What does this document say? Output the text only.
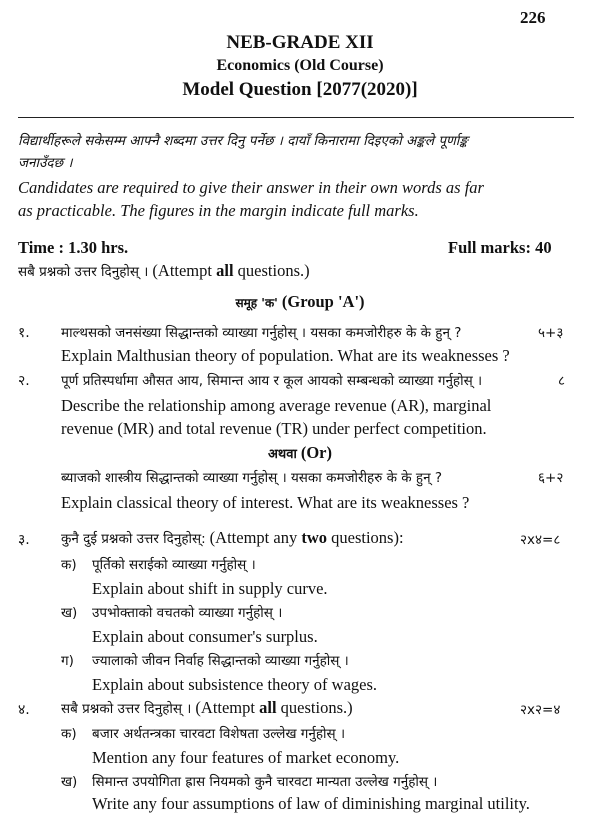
226
NEB-GRADE XII
Economics (Old Course)
Model Question [2077(2020)]
विद्यार्थीहरूले सकेसम्म आफ्नै शब्दमा उत्तर दिनु पर्नेछ । दायाँ किनारामा दिइएको अङ्कले पूर्णाङ्क
जनाउँदछ ।
Candidates are required to give their answer in their own words as far
as practicable. The figures in the margin indicate full marks.
Time : 1.30 hrs.	Full marks: 40
सबै प्रश्नको उत्तर दिनुहोस् । (Attempt all questions.)
समूह 'क' (Group 'A')
१. माल्थसको जनसंख्या सिद्धान्तको व्याख्या गर्नुहोस् । यसका कमजोरीहरु के के हुन् ?	५+३
Explain Malthusian theory of population. What are its weaknesses ?
२. पूर्ण प्रतिस्पर्धामा औसत आय, सिमान्त आय र कूल आयको सम्बन्धको व्याख्या गर्नुहोस् ।	८
Describe the relationship among average revenue (AR), marginal
revenue (MR) and total revenue (TR) under perfect competition.
अथवा (Or)
ब्याजको शास्त्रीय सिद्धान्तको व्याख्या गर्नुहोस् । यसका कमजोरीहरु के के हुन् ?	६+२
Explain classical theory of interest. What are its weaknesses ?
३. कुनै दुई प्रश्नको उत्तर दिनुहोस्: (Attempt any two questions):	२x४=८
क) पूर्तिको सराईको व्याख्या गर्नुहोस् ।
Explain about shift in supply curve.
ख) उपभोक्ताको वचतको व्याख्या गर्नुहोस् ।
Explain about consumer's surplus.
ग) ज्यालाको जीवन निर्वाह सिद्धान्तको व्याख्या गर्नुहोस् ।
Explain about subsistence theory of wages.
४. सबै प्रश्नको उत्तर दिनुहोस् । (Attempt all questions.)	२x२=४
क) बजार अर्थतन्त्रका चारवटा विशेषता उल्लेख गर्नुहोस् ।
Mention any four features of market economy.
ख) सिमान्त उपयोगिता ह्रास नियमको कुनै चारवटा मान्यता उल्लेख गर्नुहोस् ।
Write any four assumptions of law of diminishing marginal utility.
